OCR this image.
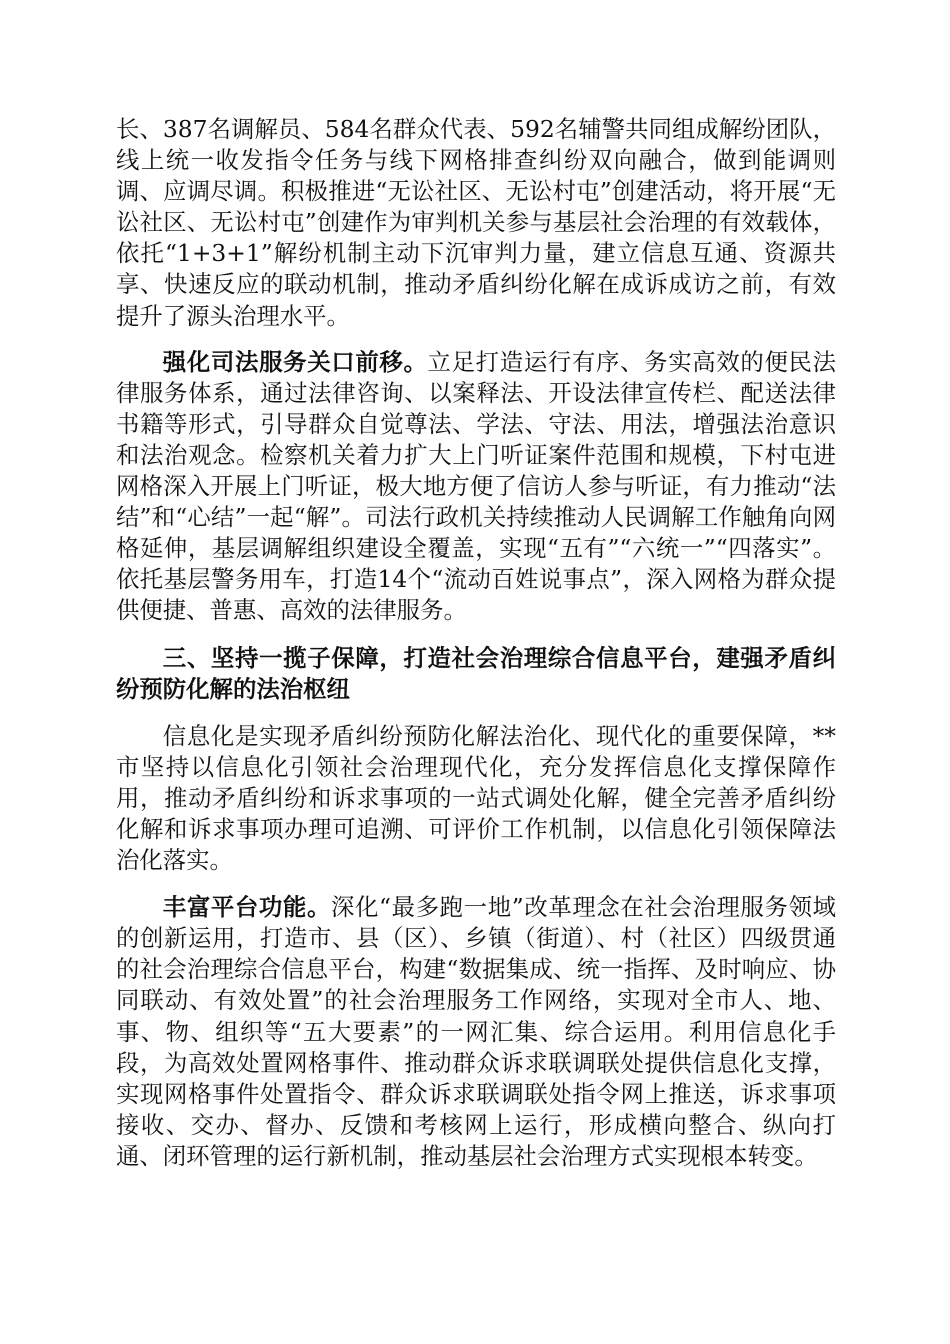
长、387名调解员、584名群众代表、592名辅警共同组成解纷团队，线上统一收发指令任务与线下网格排查纠纷双向融合，做到能调则调、应调尽调。积极推进“无讼社区、无讼村屯”创建活动，将开展“无讼社区、无讼村屯”创建作为审判机关参与基层社会治理的有效载体，依托“1+3+1”解纷机制主动下沉审判力量，建立信息互通、资源共享、快速反应的联动机制，推动矛盾纠纷化解在成诉成访之前，有效提升了源头治理水平。

强化司法服务关口前移。立足打造运行有序、务实高效的便民法律服务体系，通过法律咨询、以案释法、开设法律宣传栏、配送法律书籍等形式，引导群众自觉尊法、学法、守法、用法，增强法治意识和法治观念。检察机关着力扩大上门听证案件范围和规模，下村屯进网格深入开展上门听证，极大地方便了信访人参与听证，有力推动“法结”和“心结”一起“解”。司法行政机关持续推动人民调解工作触角向网格延伸，基层调解组织建设全覆盖，实现“五有”“六统一”“四落实”。依托基层警务用车，打造14个“流动百姓说事点”，深入网格为群众提供便捷、普惠、高效的法律服务。

三、坚持一揽子保障，打造社会治理综合信息平台，建强矛盾纠纷预防化解的法治枢纽

信息化是实现矛盾纠纷预防化解法治化、现代化的重要保障，**市坚持以信息化引领社会治理现代化，充分发挥信息化支撑保障作用，推动矛盾纠纷和诉求事项的一站式调处化解，健全完善矛盾纠纷化解和诉求事项办理可追溯、可评价工作机制，以信息化引领保障法治化落实。

丰富平台功能。深化“最多跑一地”改革理念在社会治理服务领域的创新运用，打造市、县（区）、乡镇（街道）、村（社区）四级贯通的社会治理综合信息平台，构建“数据集成、统一指挥、及时响应、协同联动、有效处置”的社会治理服务工作网络，实现对全市人、地、事、物、组织等“五大要素”的一网汇集、综合运用。利用信息化手段，为高效处置网格事件、推动群众诉求联调联处提供信息化支撑，实现网格事件处置指令、群众诉求联调联处指令网上推送，诉求事项接收、交办、督办、反馈和考核网上运行，形成横向整合、纵向打通、闭环管理的运行新机制，推动基层社会治理方式实现根本转变。
